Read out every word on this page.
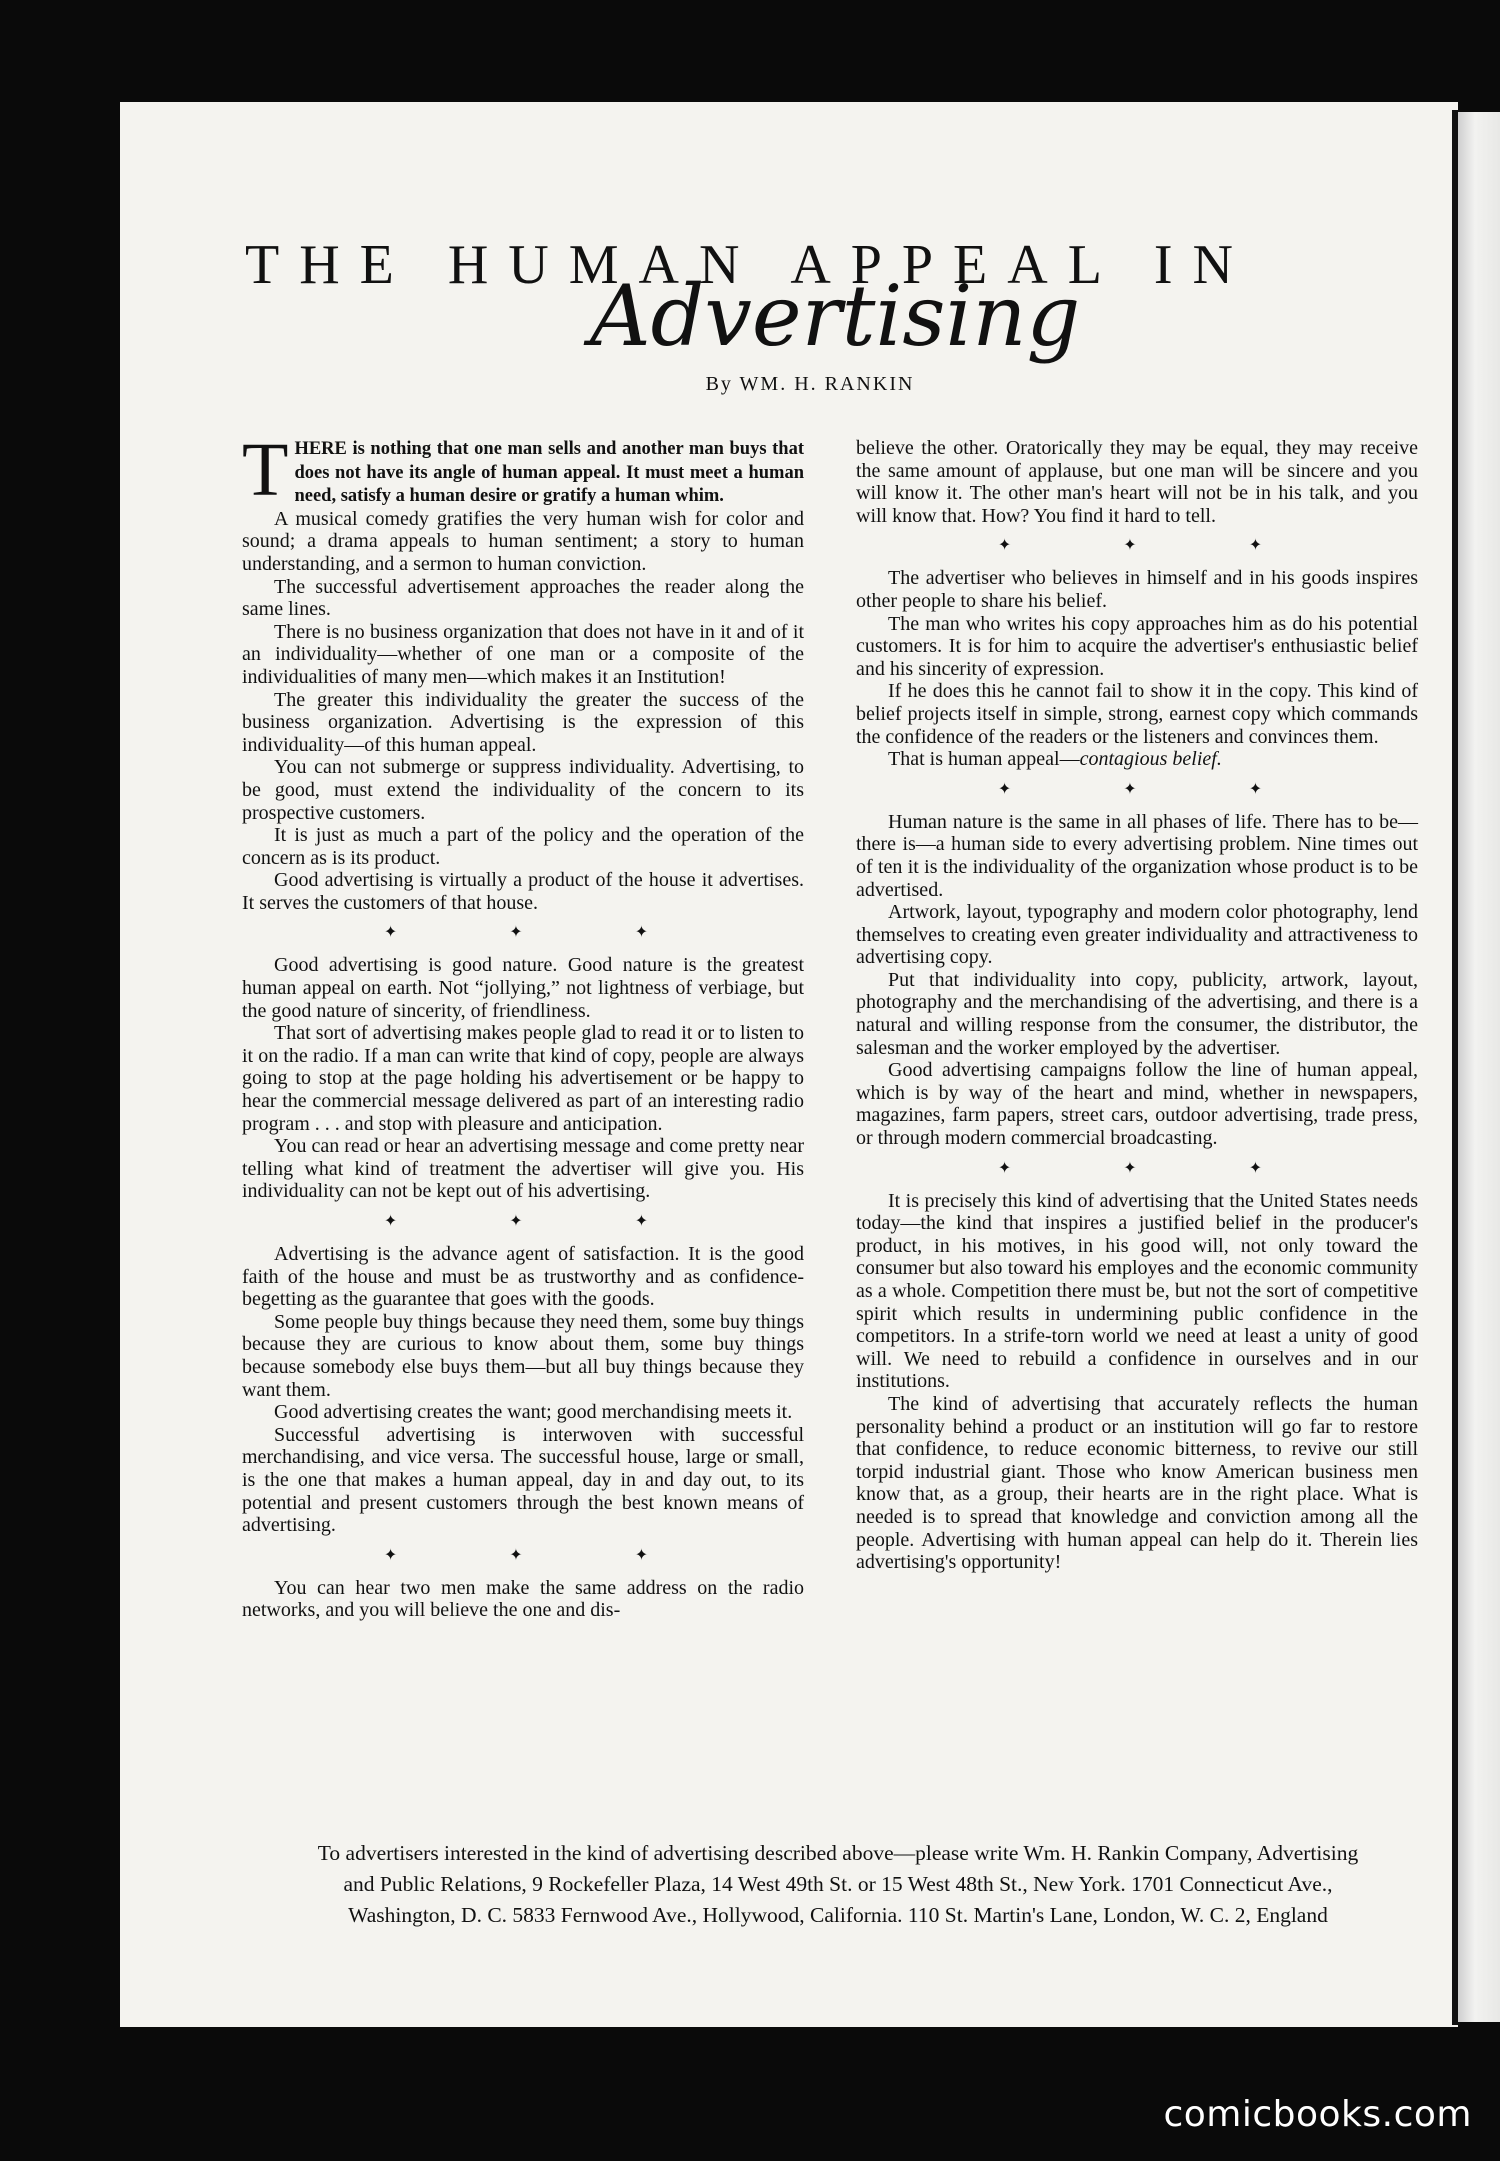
THE HUMAN APPEAL IN
Advertising
By WM. H. RANKIN

THERE is nothing that one man sells and another man buys that does not have its angle of human appeal. It must meet a human need, satisfy a human desire or gratify a human whim.

A musical comedy gratifies the very human wish for color and sound; a drama appeals to human sentiment; a story to human understanding, and a sermon to human conviction.

The successful advertisement approaches the reader along the same lines.

There is no business organization that does not have in it and of it an individuality—whether of one man or a composite of the individualities of many men—which makes it an Institution!

The greater this individuality the greater the success of the business organization. Advertising is the expression of this individuality—of this human appeal.

You can not submerge or suppress individuality. Advertising, to be good, must extend the individuality of the concern to its prospective customers.

It is just as much a part of the policy and the operation of the concern as is its product.

Good advertising is virtually a product of the house it advertises. It serves the customers of that house.

✦ ✦ ✦

Good advertising is good nature. Good nature is the greatest human appeal on earth. Not “jollying,” not lightness of verbiage, but the good nature of sincerity, of friendliness.

That sort of advertising makes people glad to read it or to listen to it on the radio. If a man can write that kind of copy, people are always going to stop at the page holding his advertisement or be happy to hear the commercial message delivered as part of an interesting radio program . . . and stop with pleasure and anticipation.

You can read or hear an advertising message and come pretty near telling what kind of treatment the advertiser will give you. His individuality can not be kept out of his advertising.

✦ ✦ ✦

Advertising is the advance agent of satisfaction. It is the good faith of the house and must be as trustworthy and as confidence-begetting as the guarantee that goes with the goods.

Some people buy things because they need them, some buy things because they are curious to know about them, some buy things because somebody else buys them—but all buy things because they want them.

Good advertising creates the want; good merchandising meets it.

Successful advertising is interwoven with successful merchandising, and vice versa. The successful house, large or small, is the one that makes a human appeal, day in and day out, to its potential and present customers through the best known means of advertising.

✦ ✦ ✦

You can hear two men make the same address on the radio networks, and you will believe the one and dis-

believe the other. Oratorically they may be equal, they may receive the same amount of applause, but one man will be sincere and you will know it. The other man's heart will not be in his talk, and you will know that. How? You find it hard to tell.

✦ ✦ ✦

The advertiser who believes in himself and in his goods inspires other people to share his belief.

The man who writes his copy approaches him as do his potential customers. It is for him to acquire the advertiser's enthusiastic belief and his sincerity of expression.

If he does this he cannot fail to show it in the copy. This kind of belief projects itself in simple, strong, earnest copy which commands the confidence of the readers or the listeners and convinces them.

That is human appeal—contagious belief.

✦ ✦ ✦

Human nature is the same in all phases of life. There has to be—there is—a human side to every advertising problem. Nine times out of ten it is the individuality of the organization whose product is to be advertised.

Artwork, layout, typography and modern color photography, lend themselves to creating even greater individuality and attractiveness to advertising copy.

Put that individuality into copy, publicity, artwork, layout, photography and the merchandising of the advertising, and there is a natural and willing response from the consumer, the distributor, the salesman and the worker employed by the advertiser.

Good advertising campaigns follow the line of human appeal, which is by way of the heart and mind, whether in newspapers, magazines, farm papers, street cars, outdoor advertising, trade press, or through modern commercial broadcasting.

✦ ✦ ✦

It is precisely this kind of advertising that the United States needs today—the kind that inspires a justified belief in the producer's product, in his motives, in his good will, not only toward the consumer but also toward his employes and the economic community as a whole. Competition there must be, but not the sort of competitive spirit which results in undermining public confidence in the competitors. In a strife-torn world we need at least a unity of good will. We need to rebuild a confidence in ourselves and in our institutions.

The kind of advertising that accurately reflects the human personality behind a product or an institution will go far to restore that confidence, to reduce economic bitterness, to revive our still torpid industrial giant. Those who know American business men know that, as a group, their hearts are in the right place. What is needed is to spread that knowledge and conviction among all the people. Advertising with human appeal can help do it. Therein lies advertising's opportunity!

To advertisers interested in the kind of advertising described above—please write Wm. H. Rankin Company, Advertising

and Public Relations, 9 Rockefeller Plaza, 14 West 49th St. or 15 West 48th St., New York. 1701 Connecticut Ave.,

Washington, D. C. 5833 Fernwood Ave., Hollywood, California. 110 St. Martin's Lane, London, W. C. 2, England

comicbooks.com
